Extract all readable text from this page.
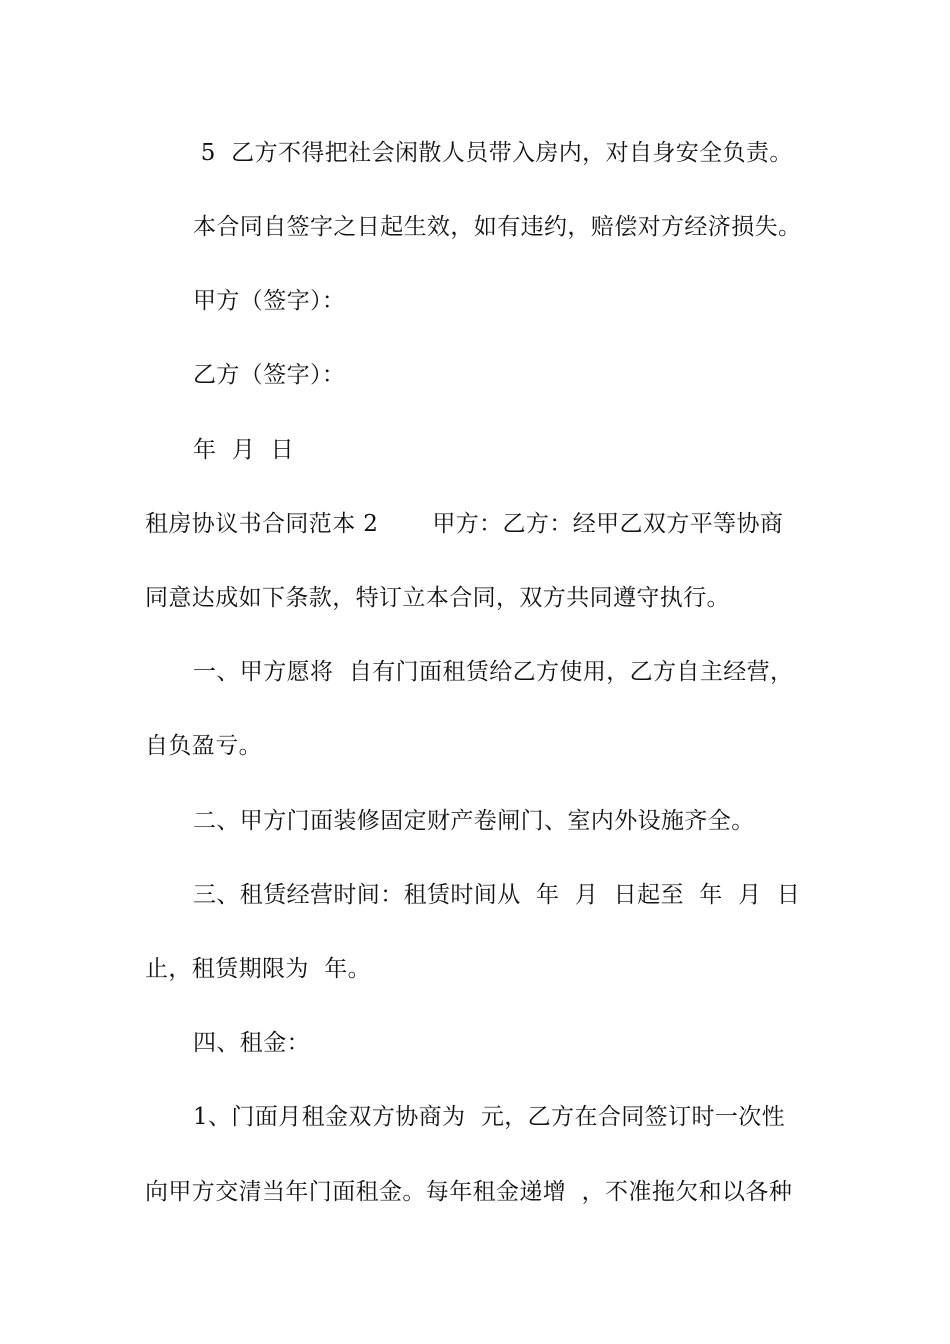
5  乙方不得把社会闲散人员带入房内，对自身安全负责。
本合同自签字之日起生效，如有违约，赔偿对方经济损失。
甲方（签字）：
乙方（签字）：
年  月  日
租房协议书合同范本 2       甲方：乙方：经甲乙双方平等协商
同意达成如下条款，特订立本合同，双方共同遵守执行。
一、甲方愿将  自有门面租赁给乙方使用，乙方自主经营，
自负盈亏。
二、甲方门面装修固定财产卷闸门、室内外设施齐全。
三、租赁经营时间：租赁时间从  年  月  日起至  年  月  日
止，租赁期限为  年。
四、租金：
1、门面月租金双方协商为  元，乙方在合同签订时一次性
向甲方交清当年门面租金。每年租金递增  ，不准拖欠和以各种
